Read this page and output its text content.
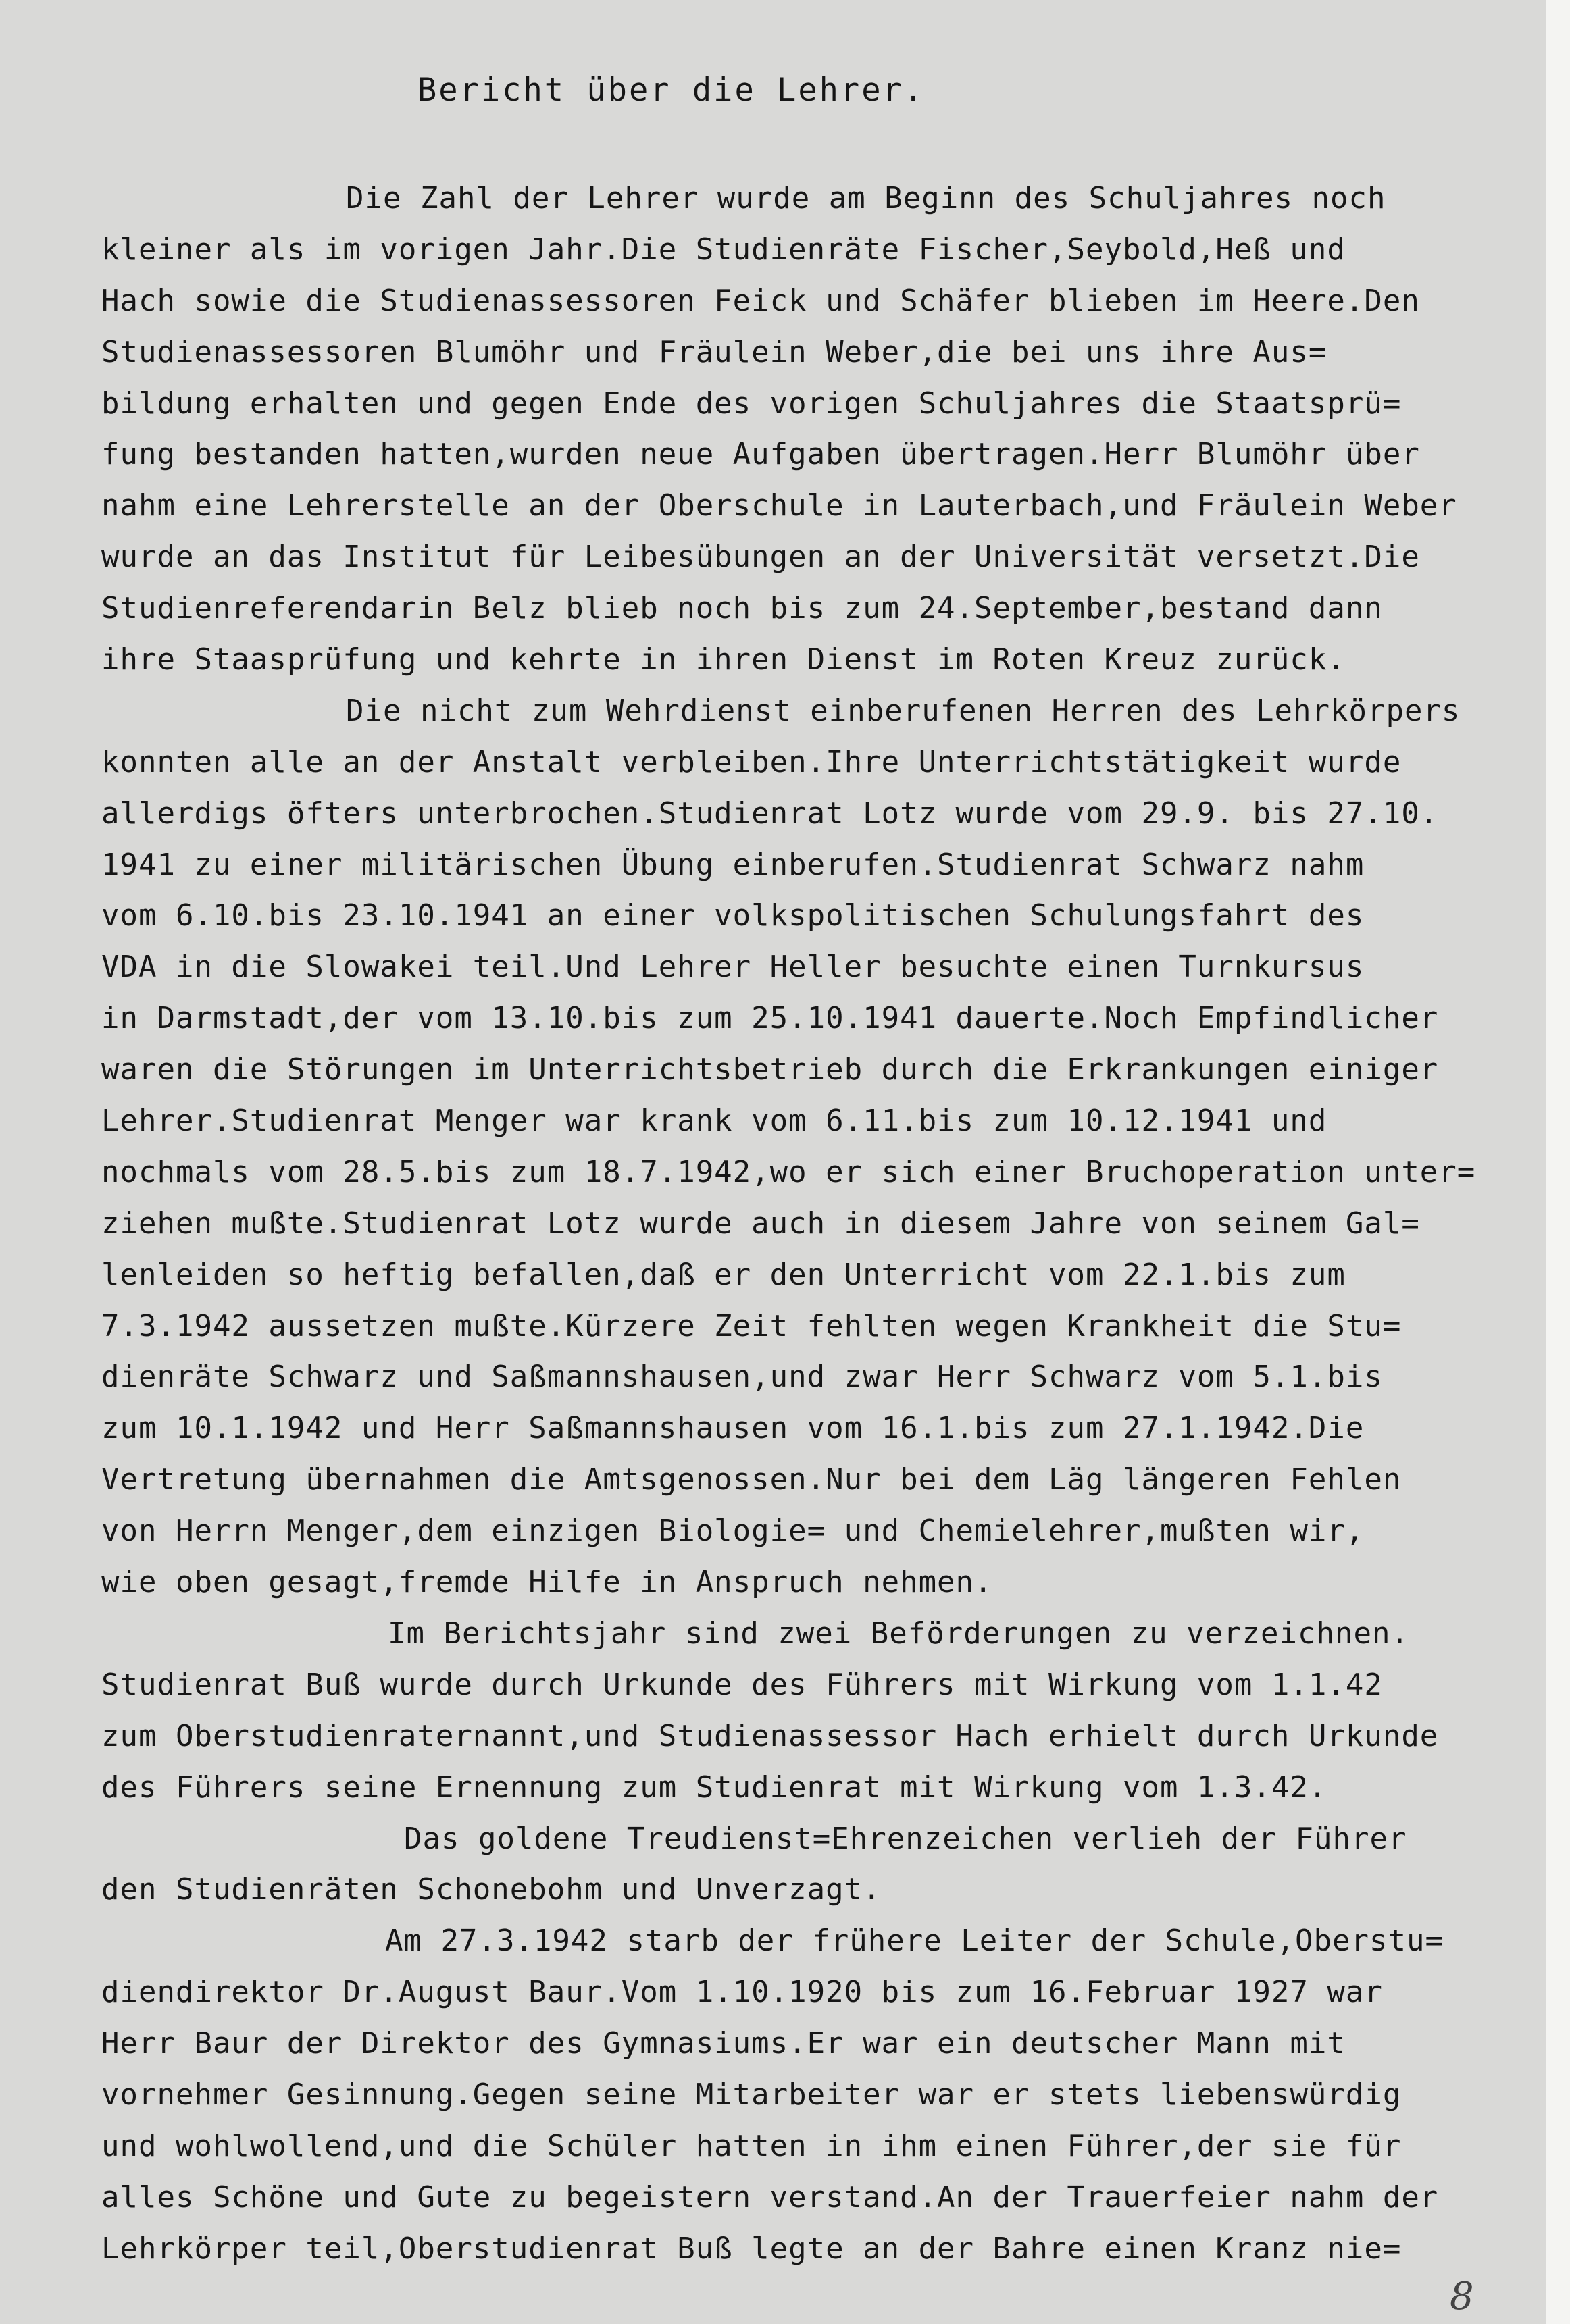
Bericht über die Lehrer.
Die Zahl der Lehrer wurde am Beginn des Schuljahres noch
kleiner als im vorigen Jahr.Die Studienräte Fischer,Seybold,Heß und
Hach sowie die Studienassessoren Feick und Schäfer blieben im Heere.Den
Studienassessoren Blumöhr und Fräulein Weber,die bei uns ihre Aus=
bildung erhalten und gegen Ende des vorigen Schuljahres die Staatsprü=
fung bestanden hatten,wurden neue Aufgaben übertragen.Herr Blumöhr über
nahm eine Lehrerstelle an der Oberschule in Lauterbach,und Fräulein Weber
wurde an das Institut für Leibesübungen an der Universität versetzt.Die
Studienreferendarin Belz blieb noch bis zum 24.September,bestand dann
ihre Staasprüfung und kehrte in ihren Dienst im Roten Kreuz zurück.
Die nicht zum Wehrdienst einberufenen Herren des Lehrkörpers
konnten alle an der Anstalt verbleiben.Ihre Unterrichtstätigkeit wurde
allerdigs öfters unterbrochen.Studienrat Lotz wurde vom 29.9. bis 27.10.
1941 zu einer militärischen Übung einberufen.Studienrat Schwarz nahm
vom 6.10.bis 23.10.1941 an einer volkspolitischen Schulungsfahrt des
VDA in die Slowakei teil.Und Lehrer Heller besuchte einen Turnkursus
in Darmstadt,der vom 13.10.bis zum 25.10.1941 dauerte.Noch Empfindlicher
waren die Störungen im Unterrichtsbetrieb durch die Erkrankungen einiger
Lehrer.Studienrat Menger war krank vom 6.11.bis zum 10.12.1941 und
nochmals vom 28.5.bis zum 18.7.1942,wo er sich einer Bruchoperation unter=
ziehen mußte.Studienrat Lotz wurde auch in diesem Jahre von seinem Gal=
lenleiden so heftig befallen,daß er den Unterricht vom 22.1.bis zum
7.3.1942 aussetzen mußte.Kürzere Zeit fehlten wegen Krankheit die Stu=
dienräte Schwarz und Saßmannshausen,und zwar Herr Schwarz vom 5.1.bis
zum 10.1.1942 und Herr Saßmannshausen vom 16.1.bis zum 27.1.1942.Die
Vertretung übernahmen die Amtsgenossen.Nur bei dem Läg längeren Fehlen
von Herrn Menger,dem einzigen Biologie= und Chemielehrer,mußten wir,
wie oben gesagt,fremde Hilfe in Anspruch nehmen.
Im Berichtsjahr sind zwei Beförderungen zu verzeichnen.
Studienrat Buß wurde durch Urkunde des Führers mit Wirkung vom 1.1.42
zum Oberstudienraternannt,und Studienassessor Hach erhielt durch Urkunde
des Führers seine Ernennung zum Studienrat mit Wirkung vom 1.3.42.
Das goldene Treudienst=Ehrenzeichen verlieh der Führer
den Studienräten Schonebohm und Unverzagt.
Am 27.3.1942 starb der frühere Leiter der Schule,Oberstu=
diendirektor Dr.August Baur.Vom 1.10.1920 bis zum 16.Februar 1927 war
Herr Baur der Direktor des Gymnasiums.Er war ein deutscher Mann mit
vornehmer Gesinnung.Gegen seine Mitarbeiter war er stets liebenswürdig
und wohlwollend,und die Schüler hatten in ihm einen Führer,der sie für
alles Schöne und Gute zu begeistern verstand.An der Trauerfeier nahm der
Lehrkörper teil,Oberstudienrat Buß legte an der Bahre einen Kranz nie=
8
